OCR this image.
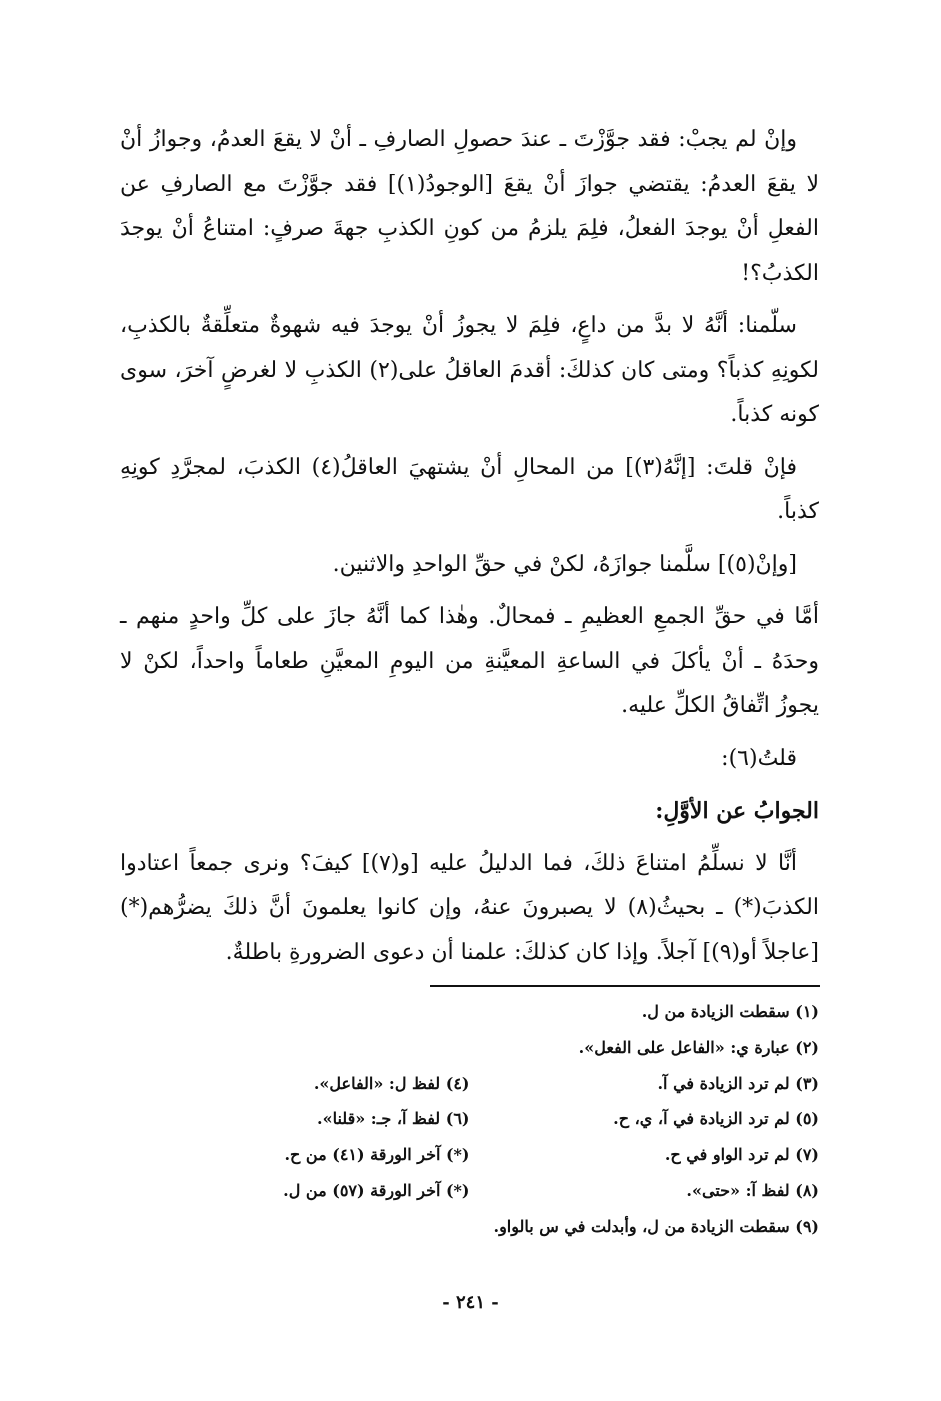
وإنْ لم يجبْ: فقد جوَّزْتَ ـ عندَ حصولِ الصارفِ ـ أنْ لا يقعَ العدمُ، وجوازُ أنْ لا يقعَ العدمُ: يقتضي جوازَ أنْ يقعَ [الوجودُ(١)] فقد جوَّزْتَ مع الصارفِ عن الفعلِ أنْ يوجدَ الفعلُ، فلِمَ يلزمُ من كونِ الكذبِ جهةَ صرفٍ: امتناعُ أنْ يوجدَ الكذبُ؟!

سلّمنا: أنَّهُ لا بدَّ من داعٍ، فلِمَ لا يجوزُ أنْ يوجدَ فيه شهوةٌ متعلِّقةٌ بالكذبِ، لكونِهِ كذباً؟ ومتى كان كذلكَ: أقدمَ العاقلُ على(٢) الكذبِ لا لغرضٍ آخرَ، سوى كونه كذباً.

فإنْ قلتَ: [إنَّهُ(٣)] من المحالِ أنْ يشتهيَ العاقلُ(٤) الكذبَ، لمجرَّدِ كونِهِ كذباً.

[وإنْ(٥)] سلَّمنا جوازَهُ، لكنْ في حقِّ الواحدِ والاثنين.

أمَّا في حقِّ الجمعِ العظيمِ ـ فمحالٌ. وهٰذا كما أنَّهُ جازَ على كلِّ واحدٍ منهم ـ وحدَهُ ـ أنْ يأكلَ في الساعةِ المعيَّنةِ من اليومِ المعيَّنِ طعاماً واحداً، لكنْ لا يجوزُ اتِّفاقُ الكلِّ عليه.

قلتُ(٦):

الجوابُ عن الأوَّلِ:

أنَّا لا نسلِّمُ امتناعَ ذلكَ، فما الدليلُ عليه [و(٧)] كيفَ؟ ونرى جمعاً اعتادوا الكذبَ(*) ـ بحيثُ(٨) لا يصبرونَ عنهُ، وإن كانوا يعلمونَ أنَّ ذلكَ يضرُّهم(*) [عاجلاً أو(٩)] آجلاً. وإذا كان كذلكَ: علمنا أن دعوى الضرورةِ باطلةٌ.

(١) سقطت الزيادة من ل.
(٢) عبارة ي: «الفاعل على الفعل».
(٣) لم ترد الزيادة في آ.
(٤) لفظ ل: «الفاعل».
(٥) لم ترد الزيادة في آ، ي، ح.
(٦) لفظ آ، جـ: «قلنا».
(٧) لم ترد الواو في ح.
(*) آخر الورقة (٤١) من ح.
(٨) لفظ آ: «حتى».
(*) آخر الورقة (٥٧) من ل.
(٩) سقطت الزيادة من ل، وأبدلت في س بالواو.
- ٢٤١ -
